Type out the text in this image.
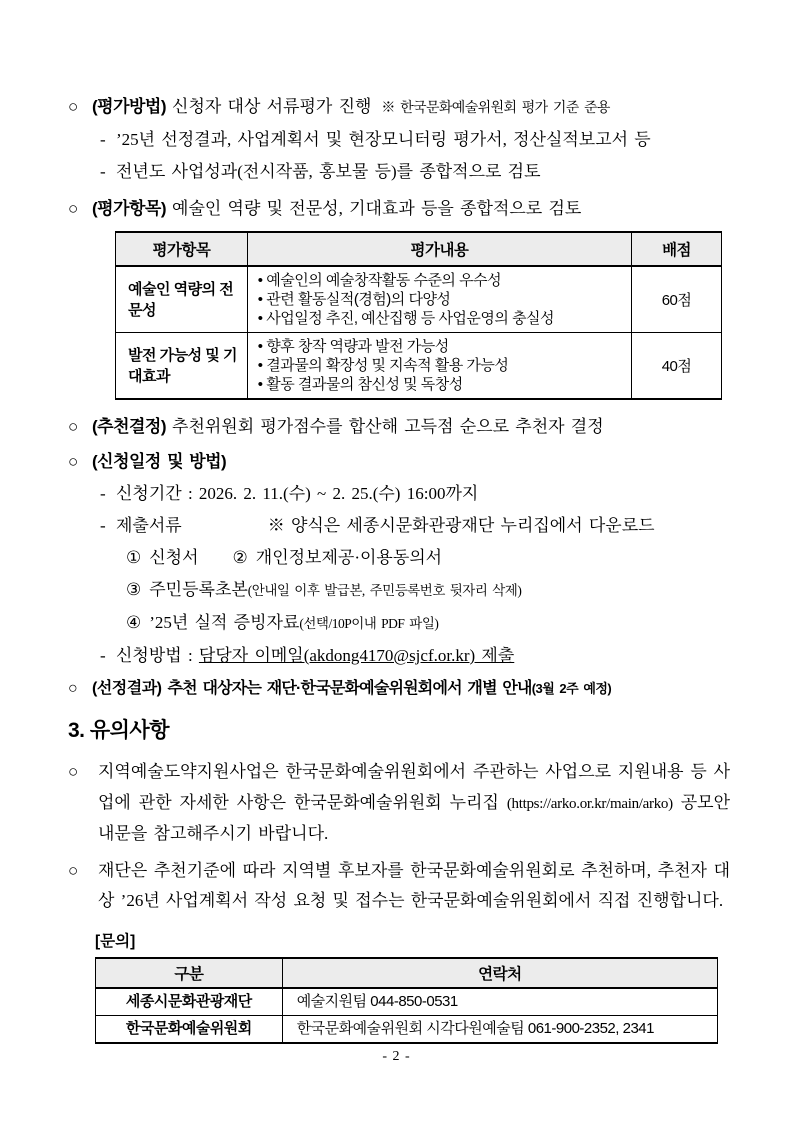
○ (평가방법) 신청자 대상 서류평가 진행 ※ 한국문화예술위원회 평가 기준 준용
- ’25년 선정결과, 사업계획서 및 현장모니터링 평가서, 정산실적보고서 등
- 전년도 사업성과(전시작품, 홍보물 등)를 종합적으로 검토
○ (평가항목) 예술인 역량 및 전문성, 기대효과 등을 종합적으로 검토
평가항목	평가내용	배점
예술인 역량의 전문성	• 예술인의 예술창작활동 수준의 우수성
• 관련 활동실적(경험)의 다양성
• 사업일정 추진, 예산집행 등 사업운영의 충실성	60점
발전 가능성 및 기대효과	• 향후 창작 역량과 발전 가능성
• 결과물의 확장성 및 지속적 활용 가능성
• 활동 결과물의 참신성 및 독창성	40점
○ (추천결정) 추천위원회 평가점수를 합산해 고득점 순으로 추천자 결정
○ (신청일정 및 방법)
- 신청기간 : 2026. 2. 11.(수) ~ 2. 25.(수) 16:00까지
- 제출서류	※ 양식은 세종시문화관광재단 누리집에서 다운로드
① 신청서 ② 개인정보제공·이용동의서
③ 주민등록초본(안내일 이후 발급본, 주민등록번호 뒷자리 삭제)
④ ’25년 실적 증빙자료(선택/10P이내 PDF 파일)
- 신청방법 : 담당자 이메일(akdong4170@sjcf.or.kr) 제출
○ (선정결과) 추천 대상자는 재단·한국문화예술위원회에서 개별 안내(3월 2주 예정)
3. 유의사항
○	지역예술도약지원사업은 한국문화예술위원회에서 주관하는 사업으로 지원내용 등 사업에 관한 자세한 사항은 한국문화예술위원회 누리집 (https://arko.or.kr/main/arko) 공모안내문을 참고해주시기 바랍니다.
○	재단은 추천기준에 따라 지역별 후보자를 한국문화예술위원회로 추천하며, 추천자 대상 ’26년 사업계획서 작성 요청 및 접수는 한국문화예술위원회에서 직접 진행합니다.
[문의]
구분	연락처
세종시문화관광재단	예술지원팀 044-850-0531
한국문화예술위원회	한국문화예술위원회 시각다원예술팀 061-900-2352, 2341
- 2 -
